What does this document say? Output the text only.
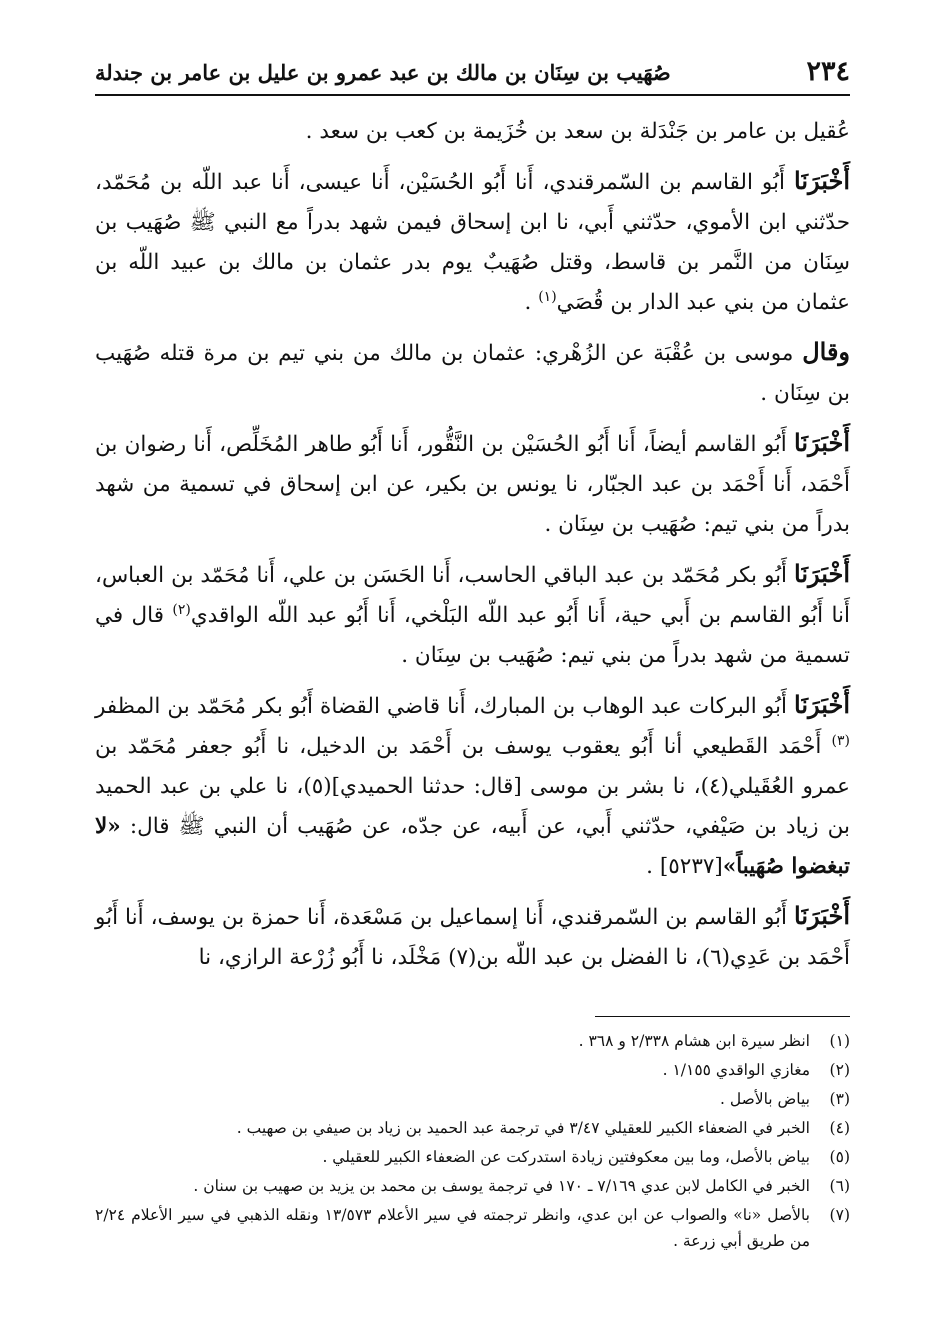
٢٣٤
صُهَيب بن سِنَان بن مالك بن عبد عمرو بن عليل بن عامر بن جندلة

عُقيل بن عامر بن جَنْدَلة بن سعد بن خُزَيمة بن كعب بن سعد .

أَخْبَرَنَا أَبُو القاسم بن السّمرقندي، أَنا أَبُو الحُسَيْن، أَنا عيسى، أَنا عبد اللّه بن مُحَمّد، حدّثني ابن الأموي، حدّثني أَبي، نا ابن إسحاق فيمن شهد بدراً مع النبي ﷺ صُهَيب بن سِنَان من النَّمر بن قاسط، وقتل صُهَيبٌ يوم بدر عثمان بن مالك بن عبيد اللّه بن عثمان من بني عبد الدار بن قُصَي$^{(١)}$ .

وقال موسى بن عُقْبَة عن الزُهْري: عثمان بن مالك من بني تيم بن مرة قتله صُهَيب بن سِنَان .

أَخْبَرَنَا أَبُو القاسم أيضاً، أَنا أَبُو الحُسَيْن بن النَّقُّور، أَنا أَبُو طاهر المُخَلِّص، أَنا رضوان بن أَحْمَد، أَنا أَحْمَد بن عبد الجبّار، نا يونس بن بكير، عن ابن إسحاق في تسمية من شهد بدراً من بني تيم: صُهَيب بن سِنَان .

أَخْبَرَنَا أَبُو بكر مُحَمّد بن عبد الباقي الحاسب، أَنا الحَسَن بن علي، أَنا مُحَمّد بن العباس، أَنا أَبُو القاسم بن أَبي حية، أَنا أَبُو عبد اللّه البَلْخي، أَنا أَبُو عبد اللّه الواقدي$^{(٢)}$ قال في تسمية من شهد بدراً من بني تيم: صُهَيب بن سِنَان .

أَخْبَرَنَا أَبُو البركات عبد الوهاب بن المبارك، أَنا قاضي القضاة أَبُو بكر مُحَمّد بن المظفر $^{(٣)}$ أَحْمَد القَطيعي أنا أَبُو يعقوب يوسف بن أَحْمَد بن الدخيل، نا أَبُو جعفر مُحَمّد بن عمرو العُقَيلي(٤)، نا بشر بن موسى [قال: حدثنا الحميدي](٥)، نا علي بن عبد الحميد بن زياد بن صَيْفي، حدّثني أَبي، عن أَبيه، عن جدّه، عن صُهَيب أن النبي ﷺ قال: «لا تبغضوا صُهَيباً»[٥٢٣٧] .

أَخْبَرَنَا أَبُو القاسم بن السّمرقندي، أَنا إسماعيل بن مَسْعَدة، أَنا حمزة بن يوسف، أَنا أَبُو أَحْمَد بن عَدِي(٦)، نا الفضل بن عبد اللّه بن(٧) مَخْلَد، نا أَبُو زُرْعة الرازي، نا

(١)
انظر سيرة ابن هشام ٢/٣٣٨ و ٣٦٨ .
(٢)
مغازي الواقدي ١/١٥٥ .
(٣)
بياض بالأصل .
(٤)
الخبر في الضعفاء الكبير للعقيلي ٣/٤٧ في ترجمة عبد الحميد بن زياد بن صيفي بن صهيب .
(٥)
بياض بالأصل، وما بين معكوفتين زيادة استدركت عن الضعفاء الكبير للعقيلي .
(٦)
الخبر في الكامل لابن عدي ٧/١٦٩ ـ ١٧٠ في ترجمة يوسف بن محمد بن يزيد بن صهيب بن سنان .
(٧)
بالأصل «نا» والصواب عن ابن عدي، وانظر ترجمته في سير الأعلام ١٣/٥٧٣ ونقله الذهبي في سير الأعلام ٢/٢٤ من طريق أبي زرعة .
